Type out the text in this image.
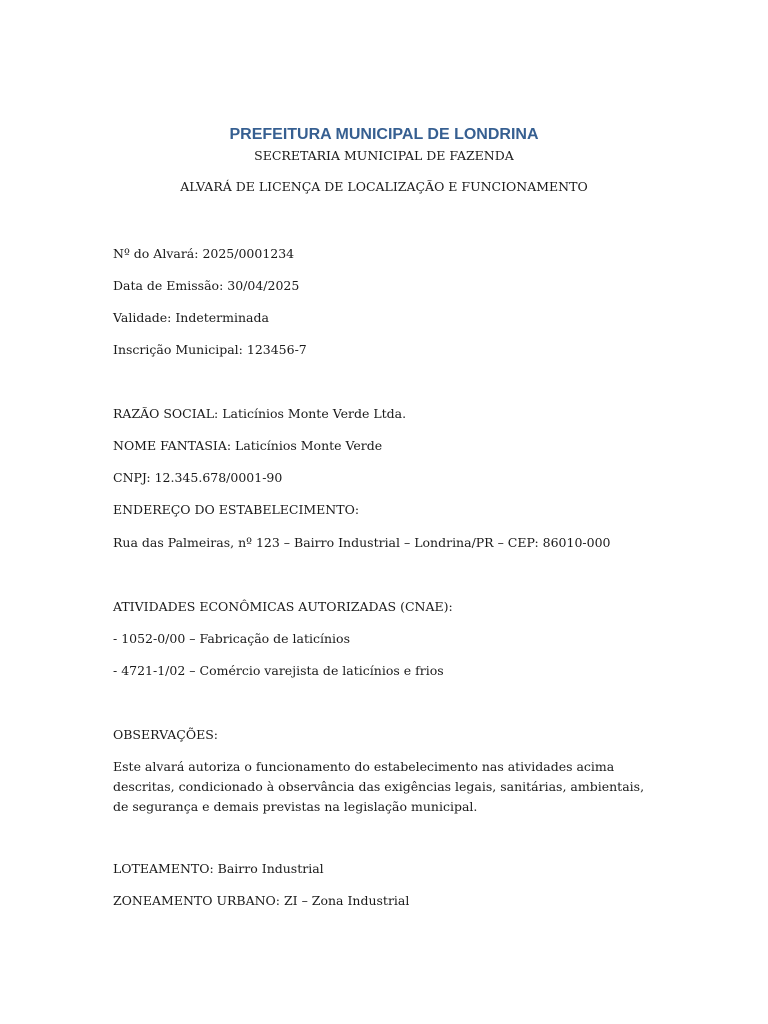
PREFEITURA MUNICIPAL DE LONDRINA
SECRETARIA MUNICIPAL DE FAZENDA
ALVARÁ DE LICENÇA DE LOCALIZAÇÃO E FUNCIONAMENTO
Nº do Alvará: 2025/0001234
Data de Emissão: 30/04/2025
Validade: Indeterminada
Inscrição Municipal: 123456-7
RAZÃO SOCIAL: Laticínios Monte Verde Ltda.
NOME FANTASIA: Laticínios Monte Verde
CNPJ: 12.345.678/0001-90
ENDEREÇO DO ESTABELECIMENTO:
Rua das Palmeiras, nº 123 – Bairro Industrial – Londrina/PR – CEP: 86010-000
ATIVIDADES ECONÔMICAS AUTORIZADAS (CNAE):
- 1052-0/00 – Fabricação de laticínios
- 4721-1/02 – Comércio varejista de laticínios e frios
OBSERVAÇÕES:
Este alvará autoriza o funcionamento do estabelecimento nas atividades acima descritas, condicionado à observância das exigências legais, sanitárias, ambientais, de segurança e demais previstas na legislação municipal.
LOTEAMENTO: Bairro Industrial
ZONEAMENTO URBANO: ZI – Zona Industrial
